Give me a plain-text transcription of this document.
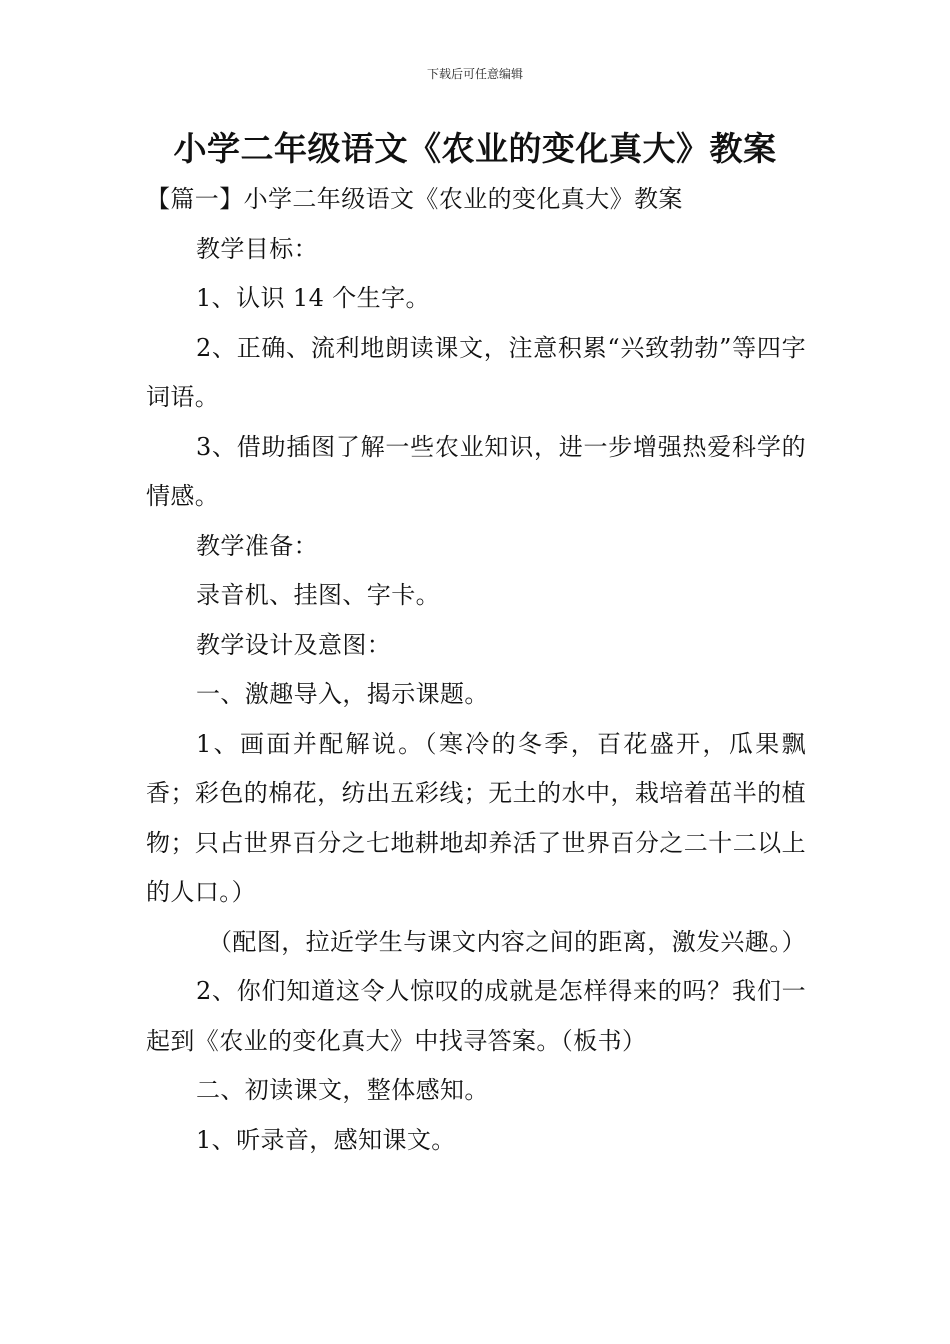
下载后可任意编辑
小学二年级语文《农业的变化真大》教案

【篇一】小学二年级语文《农业的变化真大》教案

教学目标：

1、认识 14 个生字。

2、正确、流利地朗读课文，注意积累“兴致勃勃”等四字词语。

3、借助插图了解一些农业知识，进一步增强热爱科学的情感。

教学准备：

录音机、挂图、字卡。

教学设计及意图：

一、激趣导入，揭示课题。

1、画面并配解说。（寒冷的冬季，百花盛开，瓜果飘香；彩色的棉花，纺出五彩线；无土的水中，栽培着茁半的植物；只占世界百分之七地耕地却养活了世界百分之二十二以上的人口。）

（配图，拉近学生与课文内容之间的距离，激发兴趣。）

2、你们知道这令人惊叹的成就是怎样得来的吗？我们一起到《农业的变化真大》中找寻答案。（板书）

二、初读课文，整体感知。

1、听录音，感知课文。
